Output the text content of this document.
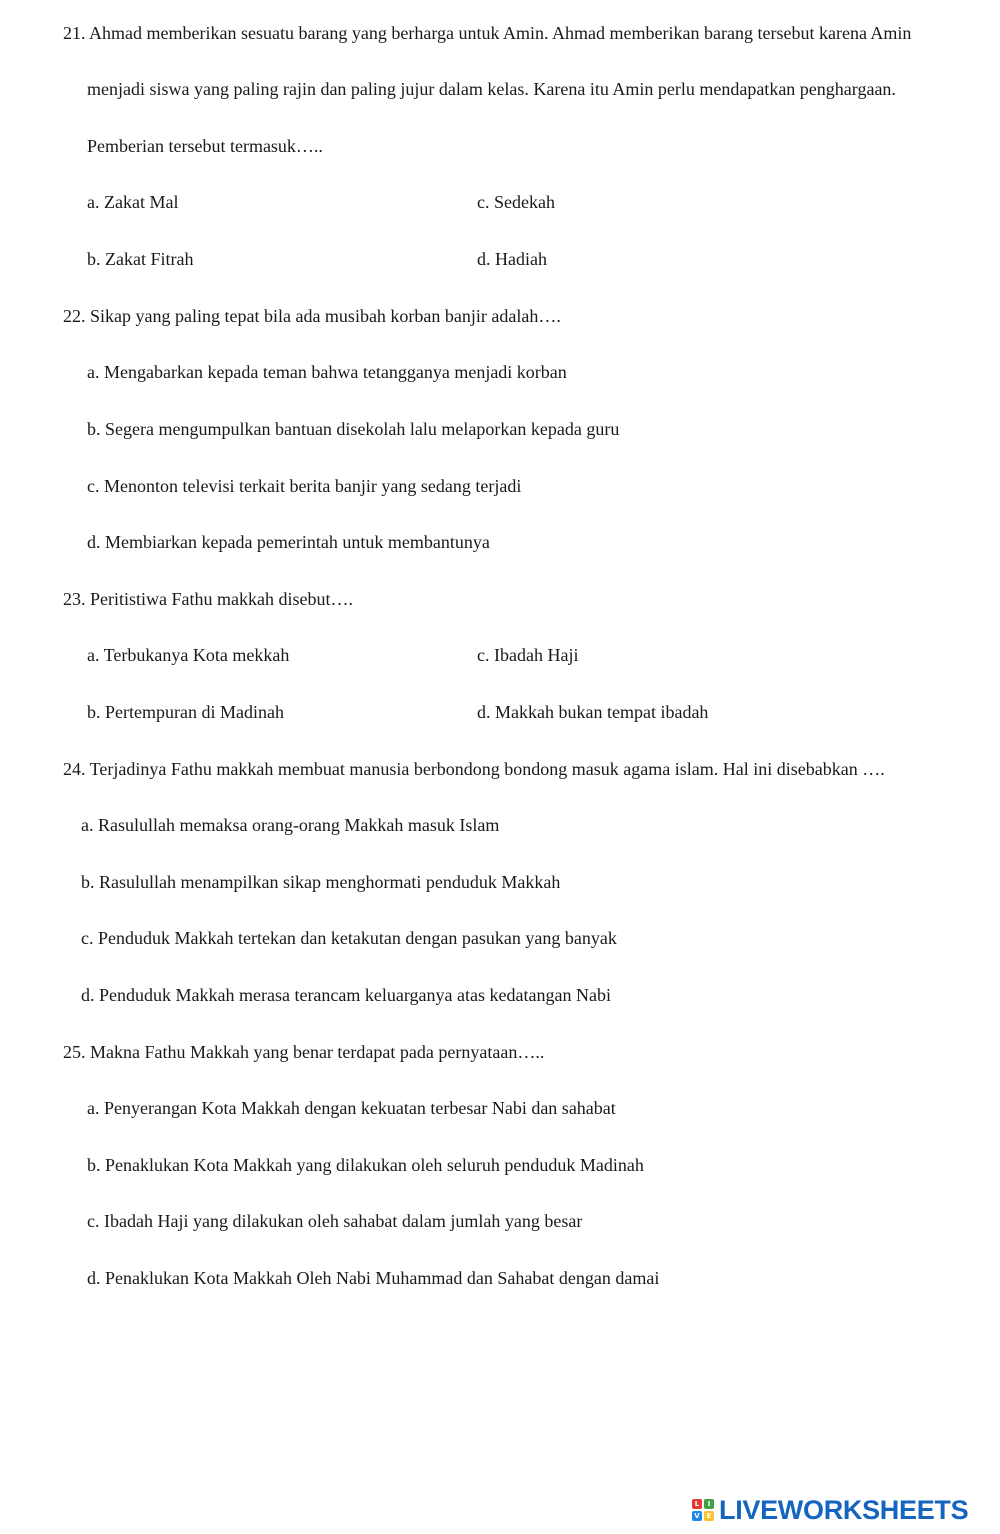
21. Ahmad memberikan sesuatu barang yang berharga untuk Amin. Ahmad memberikan barang tersebut karena Amin
menjadi siswa yang paling rajin dan paling jujur dalam kelas. Karena itu Amin perlu mendapatkan penghargaan.
Pemberian tersebut termasuk…..
a. Zakat Mal	c. Sedekah
b. Zakat Fitrah	d. Hadiah
22. Sikap yang paling tepat bila ada musibah korban banjir adalah….
a. Mengabarkan kepada teman bahwa tetangganya menjadi korban
b. Segera mengumpulkan bantuan disekolah lalu melaporkan kepada guru
c. Menonton televisi terkait berita banjir yang sedang terjadi
d. Membiarkan kepada pemerintah untuk membantunya
23. Peritistiwa Fathu makkah disebut….
a. Terbukanya Kota mekkah	c. Ibadah Haji
b. Pertempuran di Madinah	d. Makkah bukan tempat ibadah
24. Terjadinya Fathu makkah membuat manusia berbondong bondong masuk agama islam. Hal ini disebabkan ….
a. Rasulullah memaksa orang-orang Makkah masuk Islam
b. Rasulullah menampilkan sikap menghormati penduduk Makkah
c. Penduduk Makkah tertekan dan ketakutan dengan pasukan yang banyak
d. Penduduk Makkah merasa terancam keluarganya atas kedatangan Nabi
25. Makna Fathu Makkah yang benar terdapat pada pernyataan…..
a. Penyerangan Kota Makkah dengan kekuatan terbesar Nabi dan sahabat
b. Penaklukan Kota Makkah yang dilakukan oleh seluruh penduduk Madinah
c. Ibadah Haji yang dilakukan oleh sahabat dalam jumlah yang besar
d. Penaklukan Kota Makkah Oleh Nabi Muhammad dan Sahabat dengan damai
L	I
V E LIVEWORKSHEETS
